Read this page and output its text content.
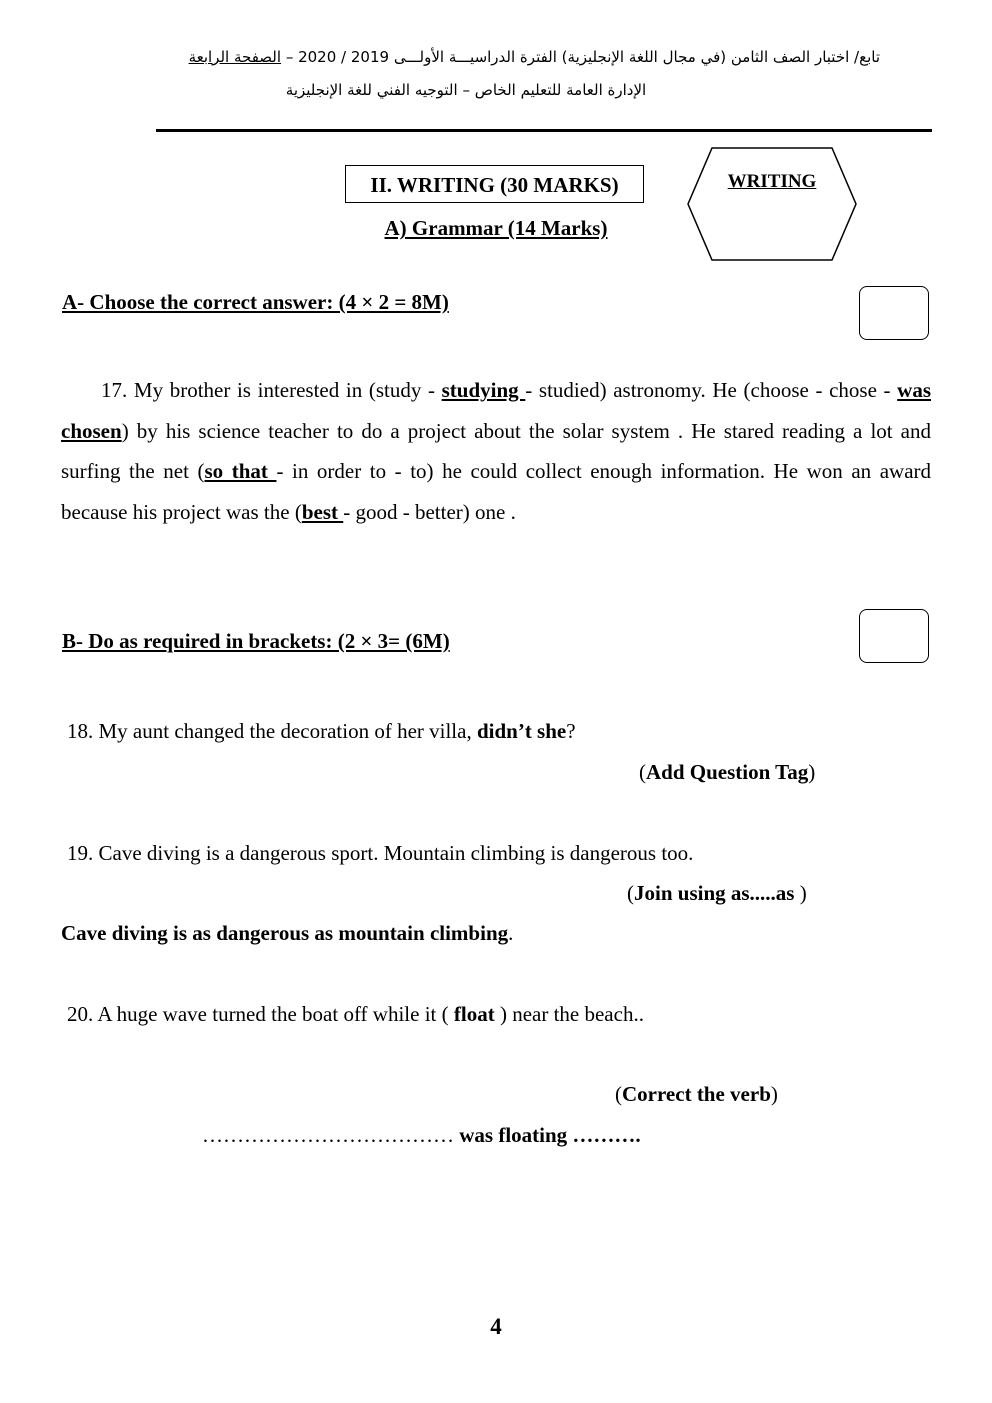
تابع/ اختبار الصف الثامن (في مجال اللغة الإنجليزية) الفترة الدراسيـــة الأولـــى 2019 / 2020 – الصفحة الرابعة
الإدارة العامة للتعليم الخاص – التوجيه الفني للغة الإنجليزية
II. WRITING (30 MARKS)
A) Grammar (14 Marks)
WRITING
A- Choose the correct answer: (4 × 2 = 8M)
17. My brother is interested in (study - studying - studied) astronomy. He (choose - chose - was chosen) by his science teacher to do a project about the solar system . He stared reading a lot and surfing the net (so that - in order to - to) he could collect enough information. He won an award because his project was the (best - good - better) one .
B- Do as required in brackets: (2 × 3= (6M)
18. My aunt changed the decoration of her villa, didn’t she?
(Add Question Tag)
19. Cave diving is a dangerous sport. Mountain climbing is dangerous too.
(Join using as.....as )
Cave diving is as dangerous as mountain climbing.
20. A huge wave turned the boat off while it ( float ) near the beach..
(Correct the verb)
……………………………… was floating ……….
4
